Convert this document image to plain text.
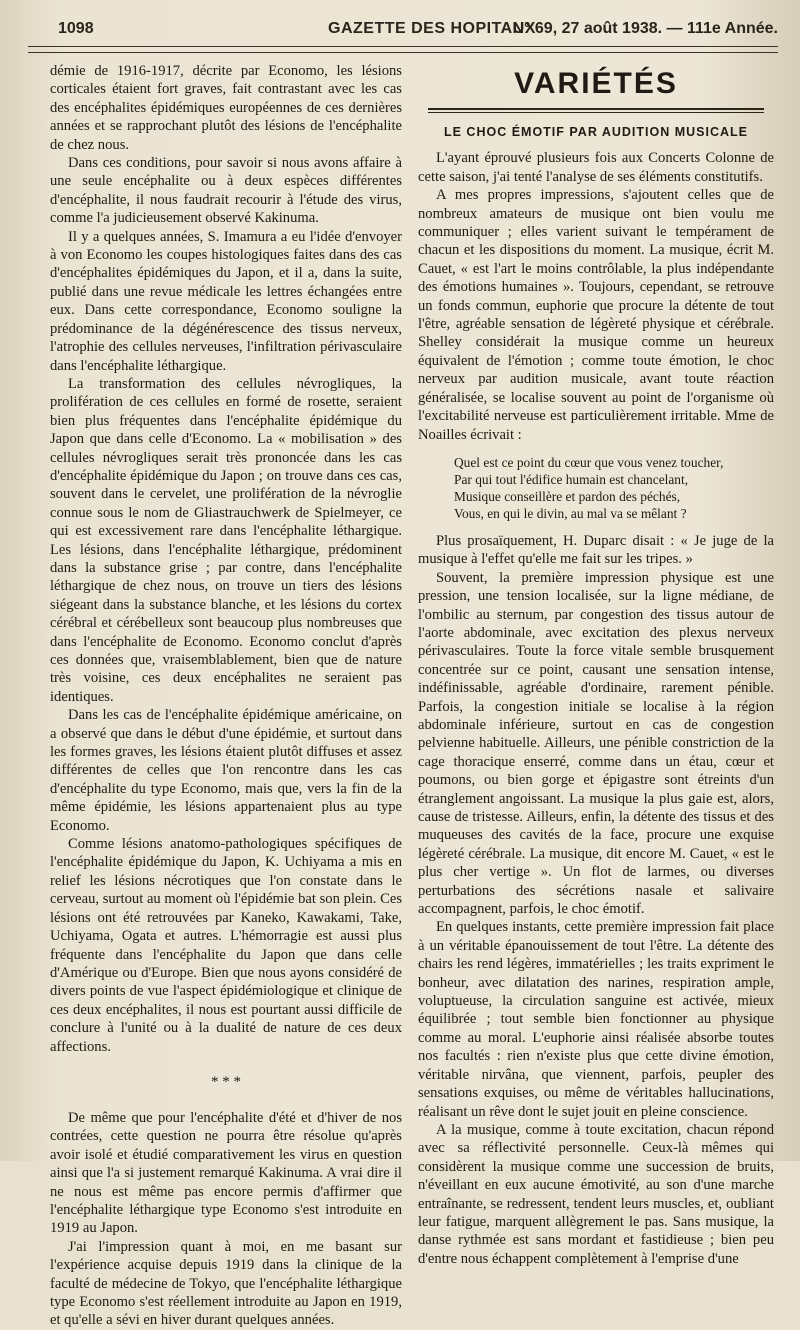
1098	GAZETTE DES HOPITAUX
N° 69, 27 août 1938. — 111e Année.

démie de 1916-1917, décrite par Economo, les lésions corticales étaient fort graves, fait contrastant avec les cas des encéphalites épidémiques européennes de ces dernières années et se rapprochant plutôt des lésions de l'encéphalite de chez nous.

Dans ces conditions, pour savoir si nous avons affaire à une seule encéphalite ou à deux espèces différentes d'encéphalite, il nous faudrait recourir à l'étude des virus, comme l'a judicieusement observé Kakinuma.

Il y a quelques années, S. Imamura a eu l'idée d'envoyer à von Economo les coupes histologiques faites dans des cas d'encéphalites épidémiques du Japon, et il a, dans la suite, publié dans une revue médicale les lettres échangées entre eux. Dans cette correspondance, Economo souligne la prédominance de la dégénérescence des tissus nerveux, l'atrophie des cellules nerveuses, l'infiltration périvasculaire dans l'encéphalite léthargique.

La transformation des cellules névrogliques, la prolifération de ces cellules en formé de rosette, seraient bien plus fréquentes dans l'encéphalite épidémique du Japon que dans celle d'Economo. La « mobilisation » des cellules névrogliques serait très prononcée dans les cas d'encéphalite épidémique du Japon ; on trouve dans ces cas, souvent dans le cervelet, une prolifération de la névroglie connue sous le nom de Gliastrauchwerk de Spielmeyer, ce qui est excessivement rare dans l'encéphalite léthargique. Les lésions, dans l'encéphalite léthargique, prédominent dans la substance grise ; par contre, dans l'encéphalite léthargique de chez nous, on trouve un tiers des lésions siégeant dans la substance blanche, et les lésions du cortex cérébral et cérébelleux sont beaucoup plus nombreuses que dans l'encéphalite de Economo. Economo conclut d'après ces données que, vraisemblablement, bien que de nature très voisine, ces deux encéphalites ne seraient pas identiques.

Dans les cas de l'encéphalite épidémique américaine, on a observé que dans le début d'une épidémie, et surtout dans les formes graves, les lésions étaient plutôt diffuses et assez différentes de celles que l'on rencontre dans les cas d'encéphalite du type Economo, mais que, vers la fin de la même épidémie, les lésions appartenaient plus au type Economo.

Comme lésions anatomo-pathologiques spécifiques de l'encéphalite épidémique du Japon, K. Uchiyama a mis en relief les lésions nécrotiques que l'on constate dans le cerveau, surtout au moment où l'épidémie bat son plein. Ces lésions ont été retrouvées par Kaneko, Kawakami, Take, Uchiyama, Ogata et autres. L'hémorragie est aussi plus fréquente dans l'encéphalite du Japon que dans celle d'Amérique ou d'Europe. Bien que nous ayons considéré de divers points de vue l'aspect épidémiologique et clinique de ces deux encéphalites, il nous est pourtant aussi difficile de conclure à l'unité ou à la dualité de nature de ces deux affections.

* * *

De même que pour l'encéphalite d'été et d'hiver de nos contrées, cette question ne pourra être résolue qu'après avoir isolé et étudié comparativement les virus en question ainsi que l'a si justement remarqué Kakinuma. A vrai dire il ne nous est même pas encore permis d'affirmer que l'encéphalite léthargique type Economo s'est introduite en 1919 au Japon.

J'ai l'impression quant à moi, en me basant sur l'expérience acquise depuis 1919 dans la clinique de la faculté de médecine de Tokyo, que l'encéphalite léthargique type Economo s'est réellement introduite au Japon en 1919, et qu'elle a sévi en hiver durant quelques années.

VARIÉTÉS
LE CHOC ÉMOTIF PAR AUDITION MUSICALE

L'ayant éprouvé plusieurs fois aux Concerts Colonne de cette saison, j'ai tenté l'analyse de ses éléments constitutifs.

A mes propres impressions, s'ajoutent celles que de nombreux amateurs de musique ont bien voulu me communiquer ; elles varient suivant le tempérament de chacun et les dispositions du moment. La musique, écrit M. Cauet, « est l'art le moins contrôlable, la plus indépendante des émotions humaines ». Toujours, cependant, se retrouve un fonds commun, euphorie que procure la détente de tout l'être, agréable sensation de légèreté physique et cérébrale. Shelley considérait la musique comme un heureux équivalent de l'émotion ; comme toute émotion, le choc nerveux par audition musicale, avant toute réaction généralisée, se localise souvent au point de l'organisme où l'excitabilité nerveuse est particulièrement irritable. Mme de Noailles écrivait :

Quel est ce point du cœur que vous venez toucher,
Par qui tout l'édifice humain est chancelant,
Musique conseillère et pardon des péchés,
Vous, en qui le divin, au mal va se mêlant ?

Plus prosaïquement, H. Duparc disait : « Je juge de la musique à l'effet qu'elle me fait sur les tripes. »

Souvent, la première impression physique est une pression, une tension localisée, sur la ligne médiane, de l'ombilic au sternum, par congestion des tissus autour de l'aorte abdominale, avec excitation des plexus nerveux périvasculaires. Toute la force vitale semble brusquement concentrée sur ce point, causant une sensation intense, indéfinissable, agréable d'ordinaire, rarement pénible. Parfois, la congestion initiale se localise à la région abdominale inférieure, surtout en cas de congestion pelvienne habituelle. Ailleurs, une pénible constriction de la cage thoracique enserré, comme dans un étau, cœur et poumons, ou bien gorge et épigastre sont étreints d'un étranglement angoissant. La musique la plus gaie est, alors, cause de tristesse. Ailleurs, enfin, la détente des tissus et des muqueuses des cavités de la face, procure une exquise légèreté cérébrale. La musique, dit encore M. Cauet, « est le plus cher vertige ». Un flot de larmes, ou diverses perturbations des sécrétions nasale et salivaire accompagnent, parfois, le choc émotif.

En quelques instants, cette première impression fait place à un véritable épanouissement de tout l'être. La détente des chairs les rend légères, immatérielles ; les traits expriment le bonheur, avec dilatation des narines, respiration ample, voluptueuse, la circulation sanguine est activée, mieux équilibrée ; tout semble bien fonctionner au physique comme au moral. L'euphorie ainsi réalisée absorbe toutes nos facultés : rien n'existe plus que cette divine émotion, véritable nirvâna, que viennent, parfois, peupler des sensations exquises, ou même de véritables hallucinations, réalisant un rêve dont le sujet jouit en pleine conscience.

A la musique, comme à toute excitation, chacun répond avec sa réflectivité personnelle. Ceux-là mêmes qui considèrent la musique comme une succession de bruits, n'éveillant en eux aucune émotivité, au son d'une marche entraînante, se redressent, tendent leurs muscles, et, oubliant leur fatigue, marquent allègrement le pas. Sans musique, la danse rythmée est sans mordant et fastidieuse ; bien peu d'entre nous échappent complètement à l'emprise d'une
